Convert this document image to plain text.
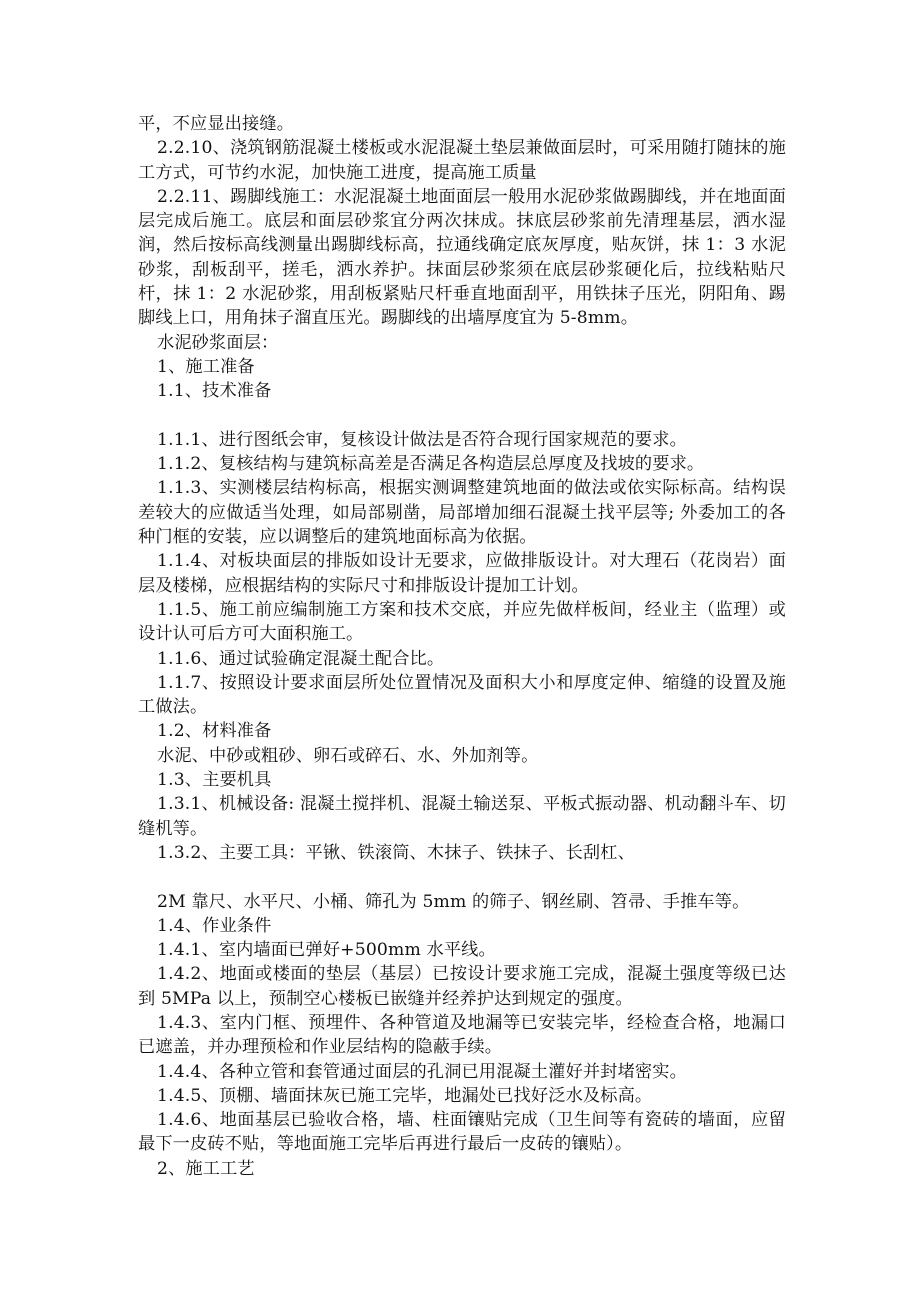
平，不应显出接缝。

2.2.10、浇筑钢筋混凝土楼板或水泥混凝土垫层兼做面层时，可采用随打随抹的施工方式，可节约水泥，加快施工进度，提高施工质量

2.2.11、踢脚线施工：水泥混凝土地面面层一般用水泥砂浆做踢脚线，并在地面面层完成后施工。底层和面层砂浆宜分两次抹成。抹底层砂浆前先清理基层，洒水湿润，然后按标高线测量出踢脚线标高，拉通线确定底灰厚度，贴灰饼，抹 1：3 水泥砂浆，刮板刮平，搓毛，洒水养护。抹面层砂浆须在底层砂浆硬化后，拉线粘贴尺杆，抹 1：2 水泥砂浆，用刮板紧贴尺杆垂直地面刮平，用铁抹子压光，阴阳角、踢脚线上口，用角抹子溜直压光。踢脚线的出墙厚度宜为 5-8mm。

水泥砂浆面层：

1、施工准备

1.1、技术准备

1.1.1、进行图纸会审，复核设计做法是否符合现行国家规范的要求。

1.1.2、复核结构与建筑标高差是否满足各构造层总厚度及找坡的要求。

1.1.3、实测楼层结构标高，根据实测调整建筑地面的做法或依实际标高。结构误差较大的应做适当处理，如局部剔凿，局部增加细石混凝土找平层等; 外委加工的各种门框的安装，应以调整后的建筑地面标高为依据。

1.1.4、对板块面层的排版如设计无要求，应做排版设计。对大理石（花岗岩）面层及楼梯，应根据结构的实际尺寸和排版设计提加工计划。

1.1.5、施工前应编制施工方案和技术交底，并应先做样板间，经业主（监理）或设计认可后方可大面积施工。

1.1.6、通过试验确定混凝土配合比。

1.1.7、按照设计要求面层所处位置情况及面积大小和厚度定伸、缩缝的设置及施工做法。

1.2、材料准备

水泥、中砂或粗砂、卵石或碎石、水、外加剂等。

1.3、主要机具

1.3.1、机械设备: 混凝土搅拌机、混凝土输送泵、平板式振动器、机动翻斗车、切缝机等。

1.3.2、主要工具：平锹、铁滚筒、木抹子、铁抹子、长刮杠、

2M 靠尺、水平尺、小桶、筛孔为 5mm 的筛子、钢丝刷、笤帚、手推车等。

1.4、作业条件

1.4.1、室内墙面已弹好+500mm 水平线。

1.4.2、地面或楼面的垫层（基层）已按设计要求施工完成，混凝土强度等级已达到 5MPa 以上，预制空心楼板已嵌缝并经养护达到规定的强度。

1.4.3、室内门框、预埋件、各种管道及地漏等已安装完毕，经检查合格，地漏口已遮盖，并办理预检和作业层结构的隐蔽手续。

1.4.4、各种立管和套管通过面层的孔洞已用混凝土灌好并封堵密实。

1.4.5、顶棚、墙面抹灰已施工完毕，地漏处已找好泛水及标高。

1.4.6、地面基层已验收合格，墙、柱面镶贴完成（卫生间等有瓷砖的墙面，应留最下一皮砖不贴，等地面施工完毕后再进行最后一皮砖的镶贴）。

2、施工工艺
